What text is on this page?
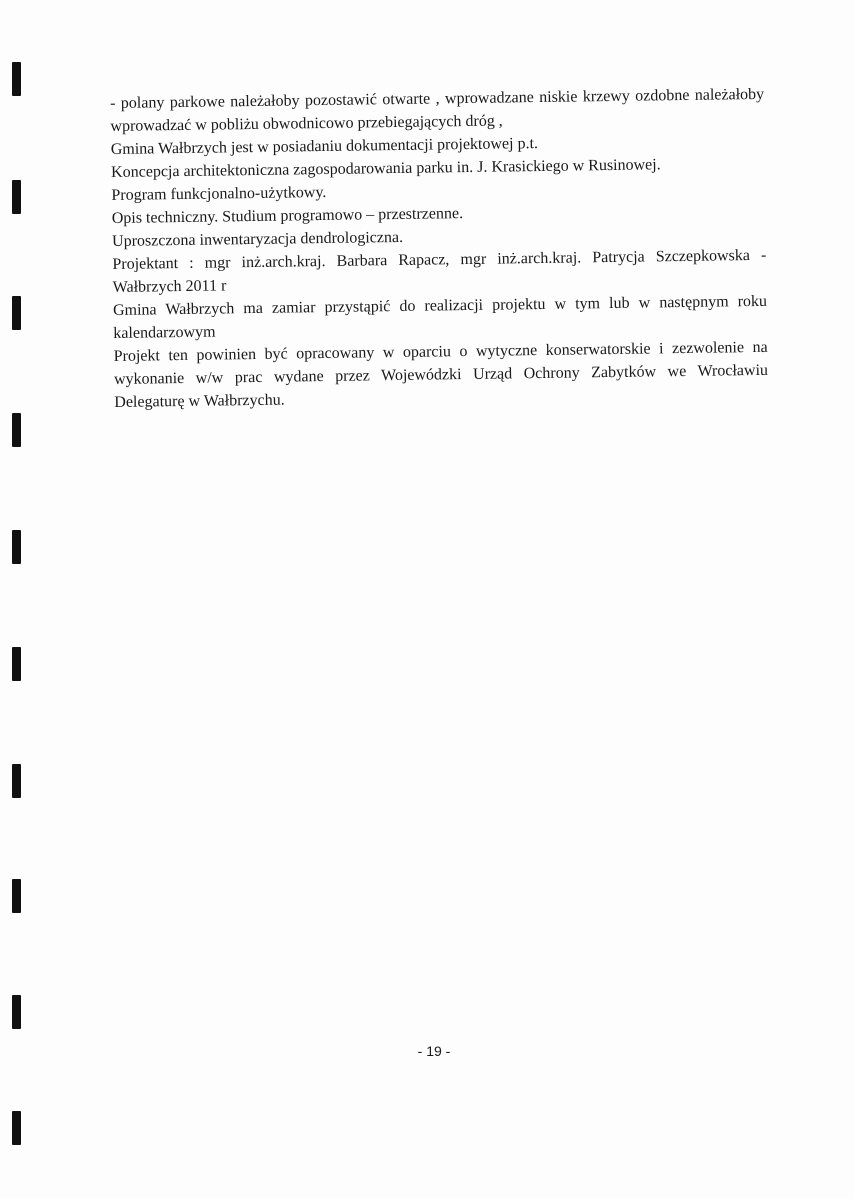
- polany parkowe należałoby pozostawić otwarte , wprowadzane niskie krzewy ozdobne należałoby
wprowadzać w pobliżu obwodnicowo przebiegających dróg ,
Gmina Wałbrzych jest w posiadaniu dokumentacji projektowej p.t.
Koncepcja architektoniczna zagospodarowania parku in. J. Krasickiego w Rusinowej.
Program funkcjonalno-użytkowy.
Opis techniczny. Studium programowo – przestrzenne.
Uproszczona inwentaryzacja dendrologiczna.
Projektant : mgr inż.arch.kraj. Barbara Rapacz, mgr inż.arch.kraj. Patrycja Szczepkowska -
Wałbrzych 2011 r
Gmina Wałbrzych ma zamiar przystąpić do realizacji projektu w tym lub w następnym roku
kalendarzowym
Projekt ten powinien być opracowany w oparciu o wytyczne konserwatorskie i zezwolenie na
wykonanie w/w prac wydane przez Wojewódzki Urząd Ochrony Zabytków we Wrocławiu
Delegaturę w Wałbrzychu.
- 19 -
